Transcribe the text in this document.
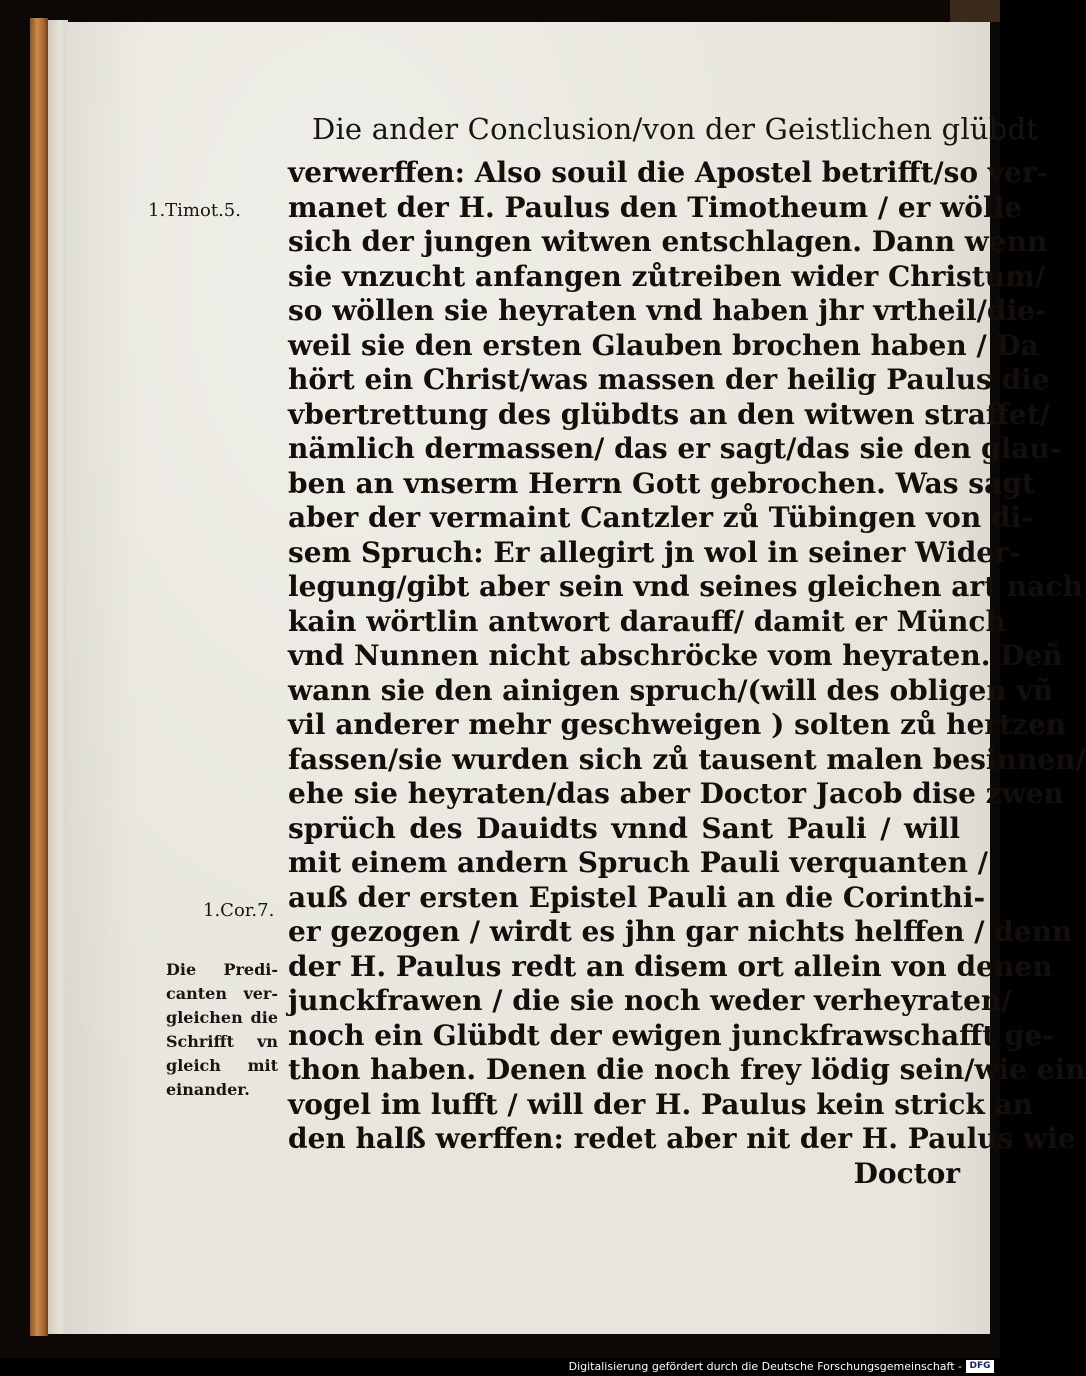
Die ander Conclusion/von der Geistlichen glübdt
1.Timot.5.
1.Cor.7.
Die Predi-
canten ver-
gleichen die
Schrifft vn
gleich mit
einander.
verwerffen: Also souil die Apostel betrifft/so ver-
manet der H. Paulus den Timotheum / er wölle
sich der jungen witwen entschlagen. Dann wenn
sie vnzucht anfangen zůtreiben wider Christum/
so wöllen sie heyraten vnd haben jhr vrtheil/die-
weil sie den ersten Glauben brochen haben / Da
hört ein Christ/was massen der heilig Paulus die
vbertrettung des glübdts an den witwen straffet/
nämlich dermassen/ das er sagt/das sie den glau-
ben an vnserm Herrn Gott gebrochen. Was sagt
aber der vermaint Cantzler zů Tübingen von di-
sem Spruch: Er allegirt jn wol in seiner Wider-
legung/gibt aber sein vnd seines gleichen art nach
kain wörtlin antwort darauff/ damit er Münch
vnd Nunnen nicht abschröcke vom heyraten. Deñ
wann sie den ainigen spruch/(will des obligen vñ
vil anderer mehr geschweigen ) solten zů hertzen
fassen/sie wurden sich zů tausent malen besinnen/
ehe sie heyraten/das aber Doctor Jacob dise zwen
sprüch des Dauidts vnnd Sant Pauli / will
mit einem andern Spruch Pauli verquanten /
auß der ersten Epistel Pauli an die Corinthi-
er gezogen / wirdt es jhn gar nichts helffen / denn
der H. Paulus redt an disem ort allein von denen
junckfrawen / die sie noch weder verheyraten/
noch ein Glübdt der ewigen junckfrawschafft ge-
thon haben. Denen die noch frey lödig sein/wie ein
vogel im lufft / will der H. Paulus kein strick an
den halß werffen: redet aber nit der H. Paulus wie
Doctor
Digitalisierung gefördert durch die Deutsche Forschungsgemeinschaft - DFG
